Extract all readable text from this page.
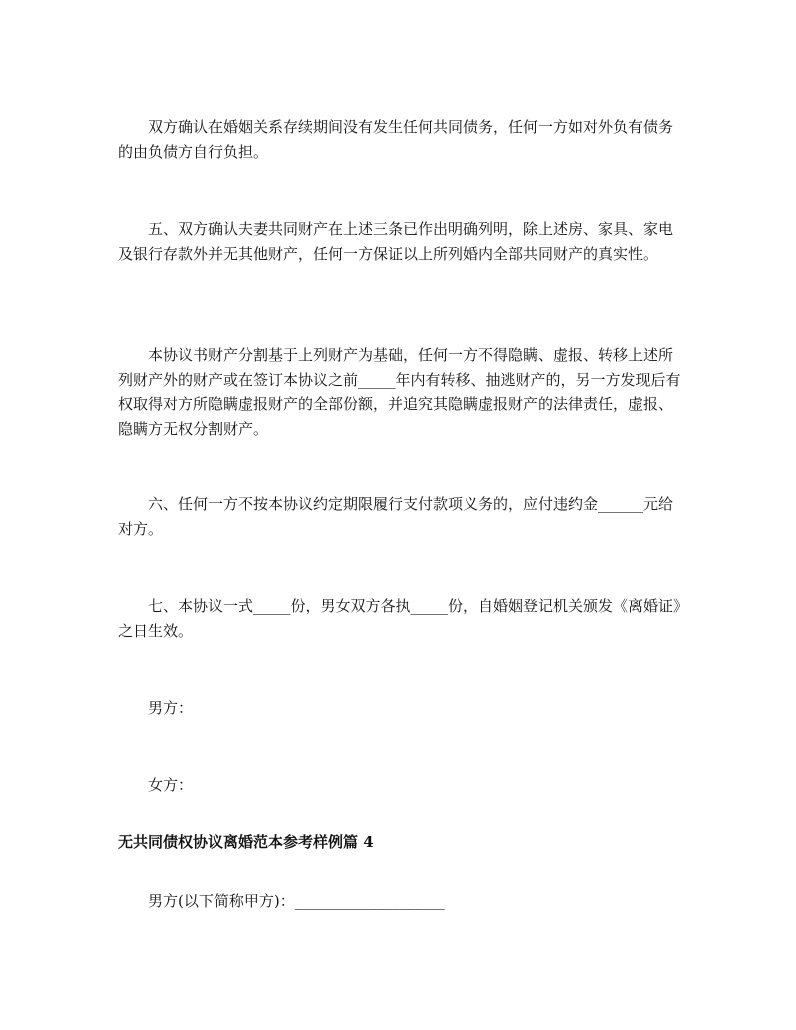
双方确认在婚姻关系存续期间没有发生任何共同债务，任何一方如对外负有债务的由负债方自行负担。

五、双方确认夫妻共同财产在上述三条已作出明确列明，除上述房、家具、家电及银行存款外并无其他财产，任何一方保证以上所列婚内全部共同财产的真实性。

本协议书财产分割基于上列财产为基础，任何一方不得隐瞒、虚报、转移上述所列财产外的财产或在签订本协议之前_____年内有转移、抽逃财产的，另一方发现后有权取得对方所隐瞒虚报财产的全部份额，并追究其隐瞒虚报财产的法律责任，虚报、隐瞒方无权分割财产。

六、任何一方不按本协议约定期限履行支付款项义务的，应付违约金______元给对方。

七、本协议一式_____份，男女双方各执_____份，自婚姻登记机关颁发《离婚证》之日生效。

男方：

女方：

无共同债权协议离婚范本参考样例篇 4

男方(以下简称甲方)：____________________
